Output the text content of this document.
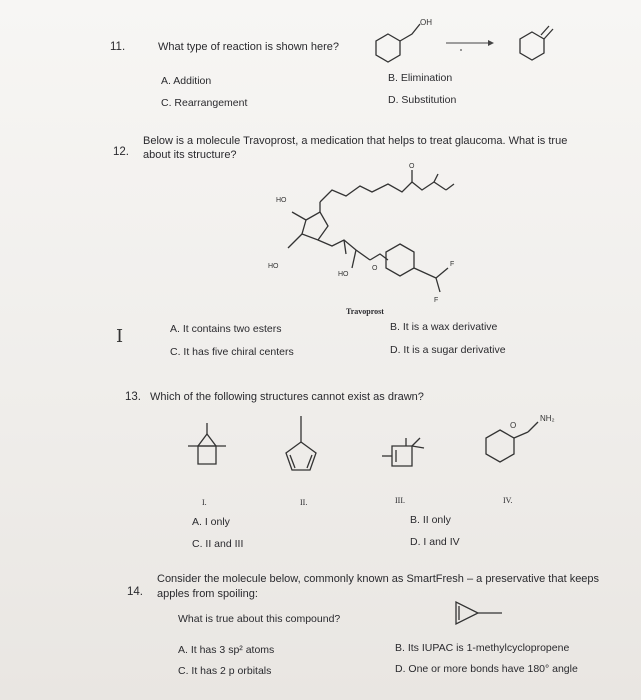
11.	What type of reaction is shown here?
OH
A. Addition	B. Elimination
C. Rearrangement	D. Substitution
12.
Below is a molecule Travoprost, a medication that helps to treat glaucoma. What is true
about its structure?
O
HO
HO
HO
O
F
F
Travoprost
A. It contains two esters	B. It is a wax derivative
C. It has five chiral centers	D. It is a sugar derivative
I
13. Which of the following structures cannot exist as drawn?
O
NH₂
I.	II.	III.	IV.
A. I only	B. II only
C. II and III	D. I and IV
14.
Consider the molecule below, commonly known as SmartFresh – a preservative that keeps
apples from spoiling:
What is true about this compound?
A. It has 3 sp² atoms	B. Its IUPAC is 1-methylcyclopropene
C. It has 2 p orbitals	D. One or more bonds have 180° angle
